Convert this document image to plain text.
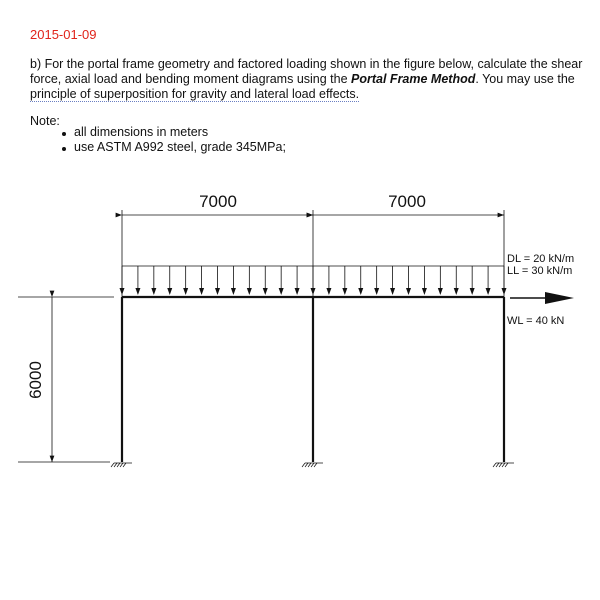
2015-01-09
b) For the portal frame geometry and factored loading shown in the figure below, calculate the shear
force, axial load and bending moment diagrams using the Portal Frame Method. You may use the
principle of superposition for gravity and lateral load effects.
Note:
all dimensions in meters
use ASTM A992 steel, grade 345MPa;
7000	7000
6000
DL = 20 kN/m
LL = 30 kN/m
WL = 40 kN
